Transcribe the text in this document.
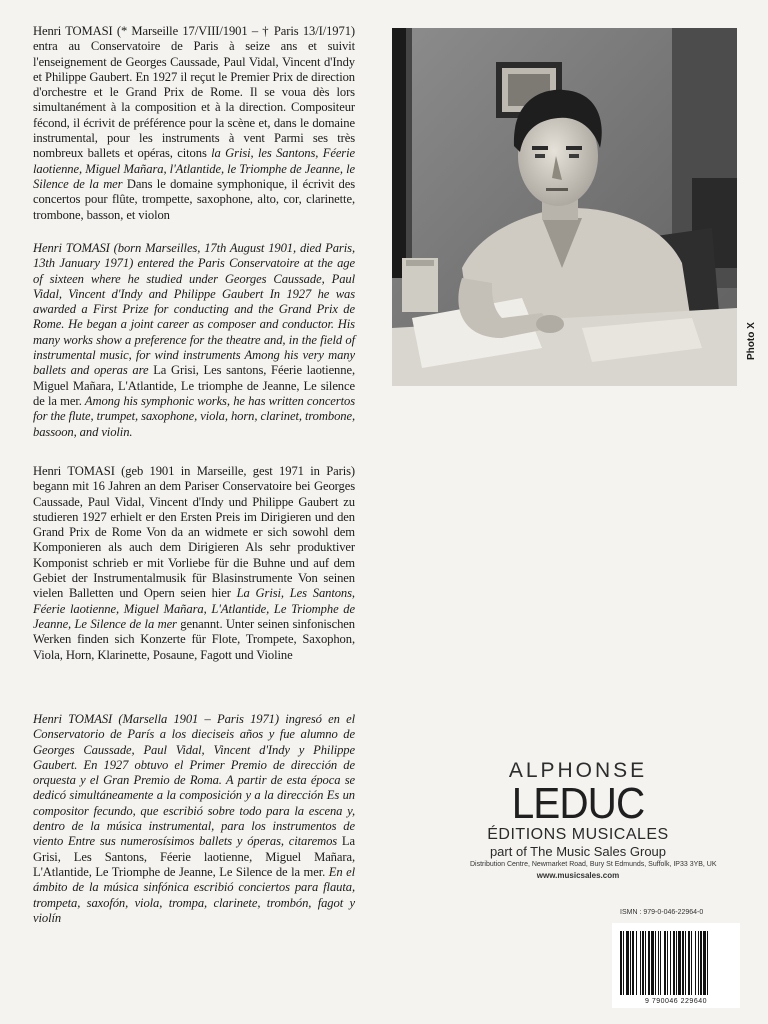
Henri TOMASI (* Marseille 17/VIII/1901 – † Paris 13/I/1971) entra au Conservatoire de Paris à seize ans et suivit l'enseignement de Georges Caussade, Paul Vidal, Vincent d'Indy et Philippe Gaubert. En 1927 il reçut le Premier Prix de direction d'orchestre et le Grand Prix de Rome. Il se voua dès lors simultanément à la composition et à la direction. Compositeur fécond, il écrivit de préférence pour la scène et, dans le domaine instrumental, pour les instruments à vent Parmi ses très nombreux ballets et opéras, citons la Grisi, les Santons, Féerie laotienne, Miguel Mañara, l'Atlantide, le Triomphe de Jeanne, le Silence de la mer Dans le domaine symphonique, il écrivit des concertos pour flûte, trompette, saxophone, alto, cor, clarinette, trombone, basson, et violon

Henri TOMASI (born Marseilles, 17th August 1901, died Paris, 13th January 1971) entered the Paris Conservatoire at the age of sixteen where he studied under Georges Caussade, Paul Vidal, Vincent d'Indy and Philippe Gaubert In 1927 he was awarded a First Prize for conducting and the Grand Prix de Rome. He began a joint career as composer and conductor. His many works show a preference for the theatre and, in the field of instrumental music, for wind instruments Among his very many ballets and operas are La Grisi, Les santons, Féerie laotienne, Miguel Mañara, L'Atlantide, Le triomphe de Jeanne, Le silence de la mer. Among his symphonic works, he has written concertos for the flute, trumpet, saxophone, viola, horn, clarinet, trombone, bassoon, and violin.

Henri TOMASI (geb 1901 in Marseille, gest 1971 in Paris) begann mit 16 Jahren an dem Pariser Conservatoire bei Georges Caussade, Paul Vidal, Vincent d'Indy und Philippe Gaubert zu studieren 1927 erhielt er den Ersten Preis im Dirigieren und den Grand Prix de Rome Von da an widmete er sich sowohl dem Komponieren als auch dem Dirigieren Als sehr produktiver Komponist schrieb er mit Vorliebe für die Buhne und auf dem Gebiet der Instrumentalmusik für Blasinstrumente Von seinen vielen Balletten und Opern seien hier La Grisi, Les Santons, Féerie laotienne, Miguel Mañara, L'Atlantide, Le Triomphe de Jeanne, Le Silence de la mer genannt. Unter seinen sinfonischen Werken finden sich Konzerte für Flote, Trompete, Saxophon, Viola, Horn, Klarinette, Posaune, Fagott und Violine

Henri TOMASI (Marsella 1901 – Paris 1971) ingresó en el Conservatorio de París a los dieciseis años y fue alumno de Georges Caussade, Paul Vidal, Vincent d'Indy y Philippe Gaubert. En 1927 obtuvo el Primer Premio de dirección de orquesta y el Gran Premio de Roma. A partir de esta época se dedicó simultáneamente a la composición y a la dirección Es un compositor fecundo, que escribió sobre todo para la escena y, dentro de la música instrumental, para los instrumentos de viento Entre sus numerosísimos ballets y óperas, citaremos La Grisi, Les Santons, Féerie laotienne, Miguel Mañara, L'Atlantide, Le Triomphe de Jeanne, Le Silence de la mer. En el ámbito de la música sinfónica escribió conciertos para flauta, trompeta, saxofón, viola, trompa, clarinete, trombón, fagot y violín

Photo X
ALPHONSE
LEDUC
ÉDITIONS MUSICALES
part of The Music Sales Group
Distribution Centre, Newmarket Road, Bury St Edmunds, Suffolk, IP33 3YB, UK
www.musicsales.com
ISMN : 979-0-046-22964-0
9 790046 229640
